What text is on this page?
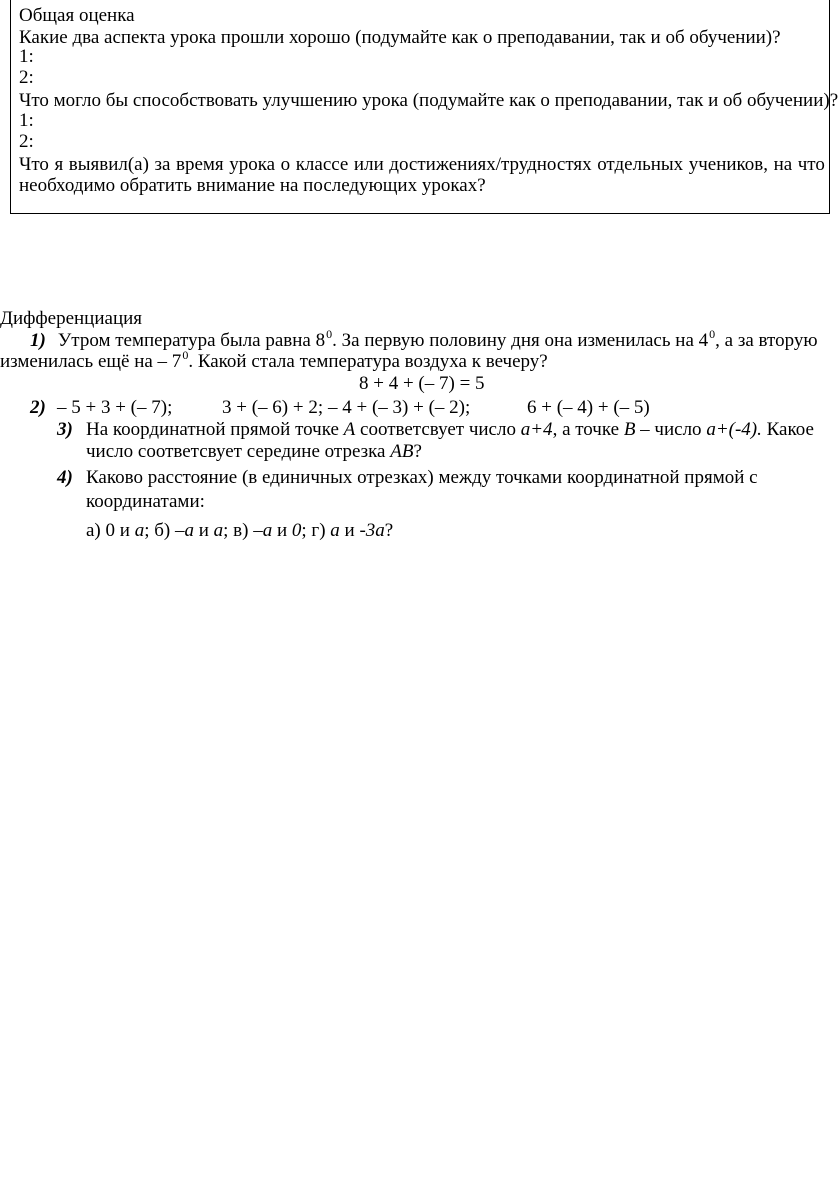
Общая оценка
Какие два аспекта урока прошли хорошо (подумайте как о преподавании, так и об обучении)?
1:
2:
Что могло бы способствовать улучшению урока (подумайте как о преподавании, так и об обучении)?
1:
2:
Что я выявил(а) за время урока о классе или достижениях/трудностях отдельных учеников, на что
необходимо обратить внимание на последующих уроках?
Дифференциация
1) Утром температура была равна $8^0$. За первую половину дня она изменилась на $4^0$, а за вторую
изменилась ещё на – $7^0$. Какой стала температура воздуха к вечеру?
8 + 4 + (– 7) = 5
2) – 5 + 3 + (– 7);	3 + (– 6) + 2; – 4 + (– 3) + (– 2);	6 + (– 4) + (– 5)
3) На координатной прямой точке А соответсвует число а+4, а точке В – число а+(-4). Какое
число соответсвует середине отрезка АВ?
4) Каково расстояние (в единичных отрезках) между точками координатной прямой с
координатами:
а) 0 и а; б) –а и а; в) –а и 0; г) а и -3а?
